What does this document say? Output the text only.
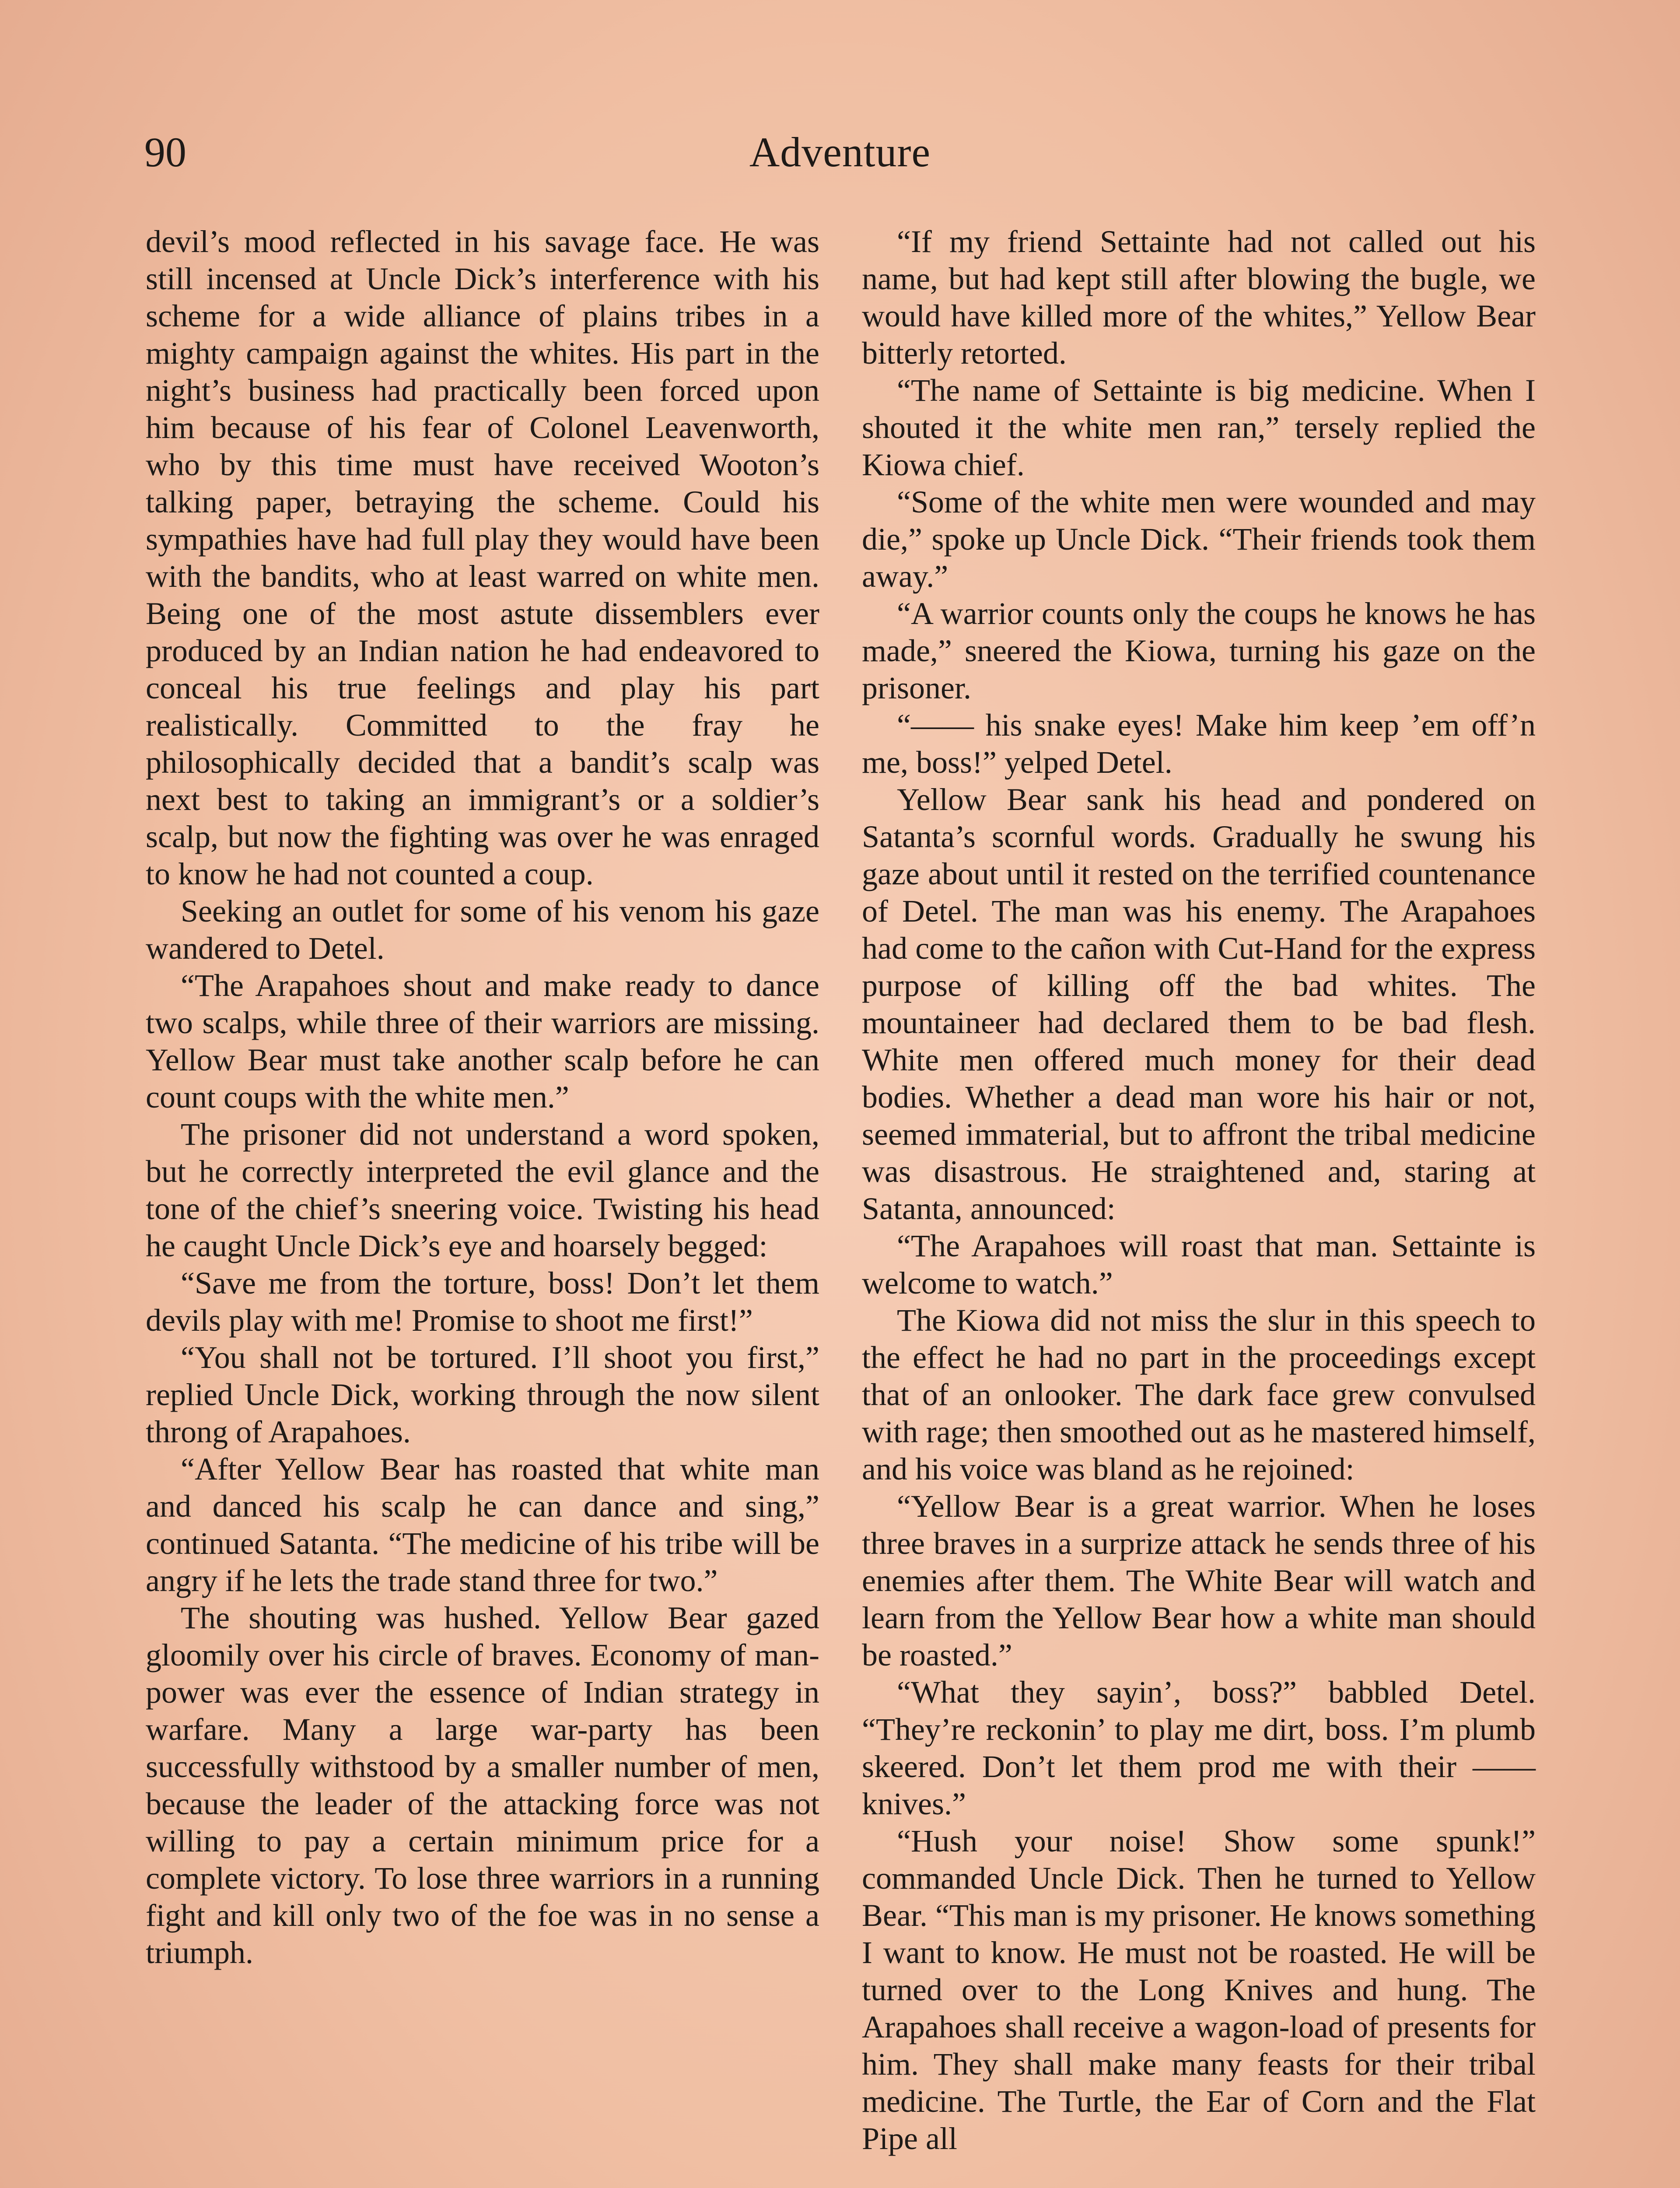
90	Adventure

devil’s mood reflected in his savage face. He was still incensed at Uncle Dick’s interference with his scheme for a wide alliance of plains tribes in a mighty campaign against the whites. His part in the night’s business had practically been forced upon him because of his fear of Colonel Leavenworth, who by this time must have received Wooton’s talking paper, betraying the scheme. Could his sympathies have had full play they would have been with the bandits, who at least warred on white men. Being one of the most astute dissemblers ever produced by an Indian nation he had endeavored to conceal his true feelings and play his part realistically. Committed to the fray he philosophically decided that a bandit’s scalp was next best to taking an immigrant’s or a soldier’s scalp, but now the fighting was over he was enraged to know he had not counted a coup.

Seeking an outlet for some of his venom his gaze wandered to Detel.

“The Arapahoes shout and make ready to dance two scalps, while three of their warriors are missing. Yellow Bear must take another scalp before he can count coups with the white men.”

The prisoner did not understand a word spoken, but he correctly interpreted the evil glance and the tone of the chief’s sneering voice. Twisting his head he caught Uncle Dick’s eye and hoarsely begged:

“Save me from the torture, boss! Don’t let them devils play with me! Promise to shoot me first!”

“You shall not be tortured. I’ll shoot you first,” replied Uncle Dick, working through the now silent throng of Arapahoes.

“After Yellow Bear has roasted that white man and danced his scalp he can dance and sing,” continued Satanta. “The medicine of his tribe will be angry if he lets the trade stand three for two.”

The shouting was hushed. Yellow Bear gazed gloomily over his circle of braves. Economy of man-power was ever the essence of Indian strategy in warfare. Many a large war-party has been successfully withstood by a smaller number of men, because the leader of the attacking force was not willing to pay a certain minimum price for a complete victory. To lose three warriors in a running fight and kill only two of the foe was in no sense a triumph.

“If my friend Settainte had not called out his name, but had kept still after blowing the bugle, we would have killed more of the whites,” Yellow Bear bitterly retorted.

“The name of Settainte is big medicine. When I shouted it the white men ran,” tersely replied the Kiowa chief.

“Some of the white men were wounded and may die,” spoke up Uncle Dick. “Their friends took them away.”

“A warrior counts only the coups he knows he has made,” sneered the Kiowa, turning his gaze on the prisoner.

“—— his snake eyes! Make him keep ’em off’n me, boss!” yelped Detel.

Yellow Bear sank his head and pondered on Satanta’s scornful words. Gradually he swung his gaze about until it rested on the terrified countenance of Detel. The man was his enemy. The Arapahoes had come to the cañon with Cut-Hand for the express purpose of killing off the bad whites. The mountaineer had declared them to be bad flesh. White men offered much money for their dead bodies. Whether a dead man wore his hair or not, seemed immaterial, but to affront the tribal medicine was disastrous. He straightened and, staring at Satanta, announced:

“The Arapahoes will roast that man. Settainte is welcome to watch.”

The Kiowa did not miss the slur in this speech to the effect he had no part in the proceedings except that of an onlooker. The dark face grew convulsed with rage; then smoothed out as he mastered himself, and his voice was bland as he rejoined:

“Yellow Bear is a great warrior. When he loses three braves in a surprize attack he sends three of his enemies after them. The White Bear will watch and learn from the Yellow Bear how a white man should be roasted.”

“What they sayin’, boss?” babbled Detel. “They’re reckonin’ to play me dirt, boss. I’m plumb skeered. Don’t let them prod me with their —— knives.”

“Hush your noise! Show some spunk!” commanded Uncle Dick. Then he turned to Yellow Bear. “This man is my prisoner. He knows something I want to know. He must not be roasted. He will be turned over to the Long Knives and hung. The Arapahoes shall receive a wagon-load of presents for him. They shall make many feasts for their tribal medicine. The Turtle, the Ear of Corn and the Flat Pipe all
